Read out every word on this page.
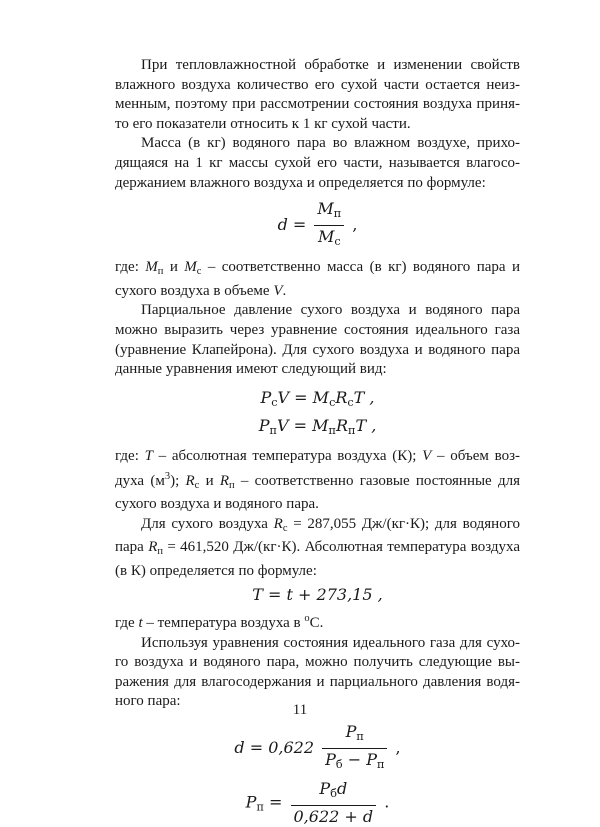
При тепловлажностной обработке и изменении свойств

влажного воздуха количество его сухой части остается неиз-

менным, поэтому при рассмотрении состояния воздуха приня-

то его показатели относить к 1 кг сухой части.

Масса (в кг) водяного пара во влажном воздухе, прихо-

дящаяся на 1 кг массы сухой его части, называется влагосо-

держанием влажного воздуха и определяется по формуле:

$d = \frac{M_п}{M_с}$ ,

где: $M_п$ и $M_с$ – соответственно масса (в кг) водяного пара и

сухого воздуха в объеме V.

Парциальное давление сухого воздуха и водяного пара

можно выразить через уравнение состояния идеального газа

(уравнение Клапейрона). Для сухого воздуха и водяного пара

данные уравнения имеют следующий вид:

$P_сV = M_сR_сT$ ,
$P_пV = M_пR_пT$ ,

где: T – абсолютная температура воздуха (К); V – объем воз-

духа $(м^3)$; $R_с$ и $R_п$ – соответственно газовые постоянные для

сухого воздуха и водяного пара.

Для сухого воздуха $R_с = 287,055$ Дж/(кг·К); для водяного

пара $R_п = 461,520$ Дж/(кг·К). Абсолютная температура воздуха

(в К) определяется по формуле:

T = t + 273,15 ,

где t – температура воздуха в $^о$С.

Используя уравнения состояния идеального газа для сухо-

го воздуха и водяного пара, можно получить следующие вы-

ражения для влагосодержания и парциального давления водя-

ного пара:

$d = 0,622 \frac{P_п}{P_б - P_п}$ ,
$P_п = \frac{P_бd}{0,622 + d}$ .
11
